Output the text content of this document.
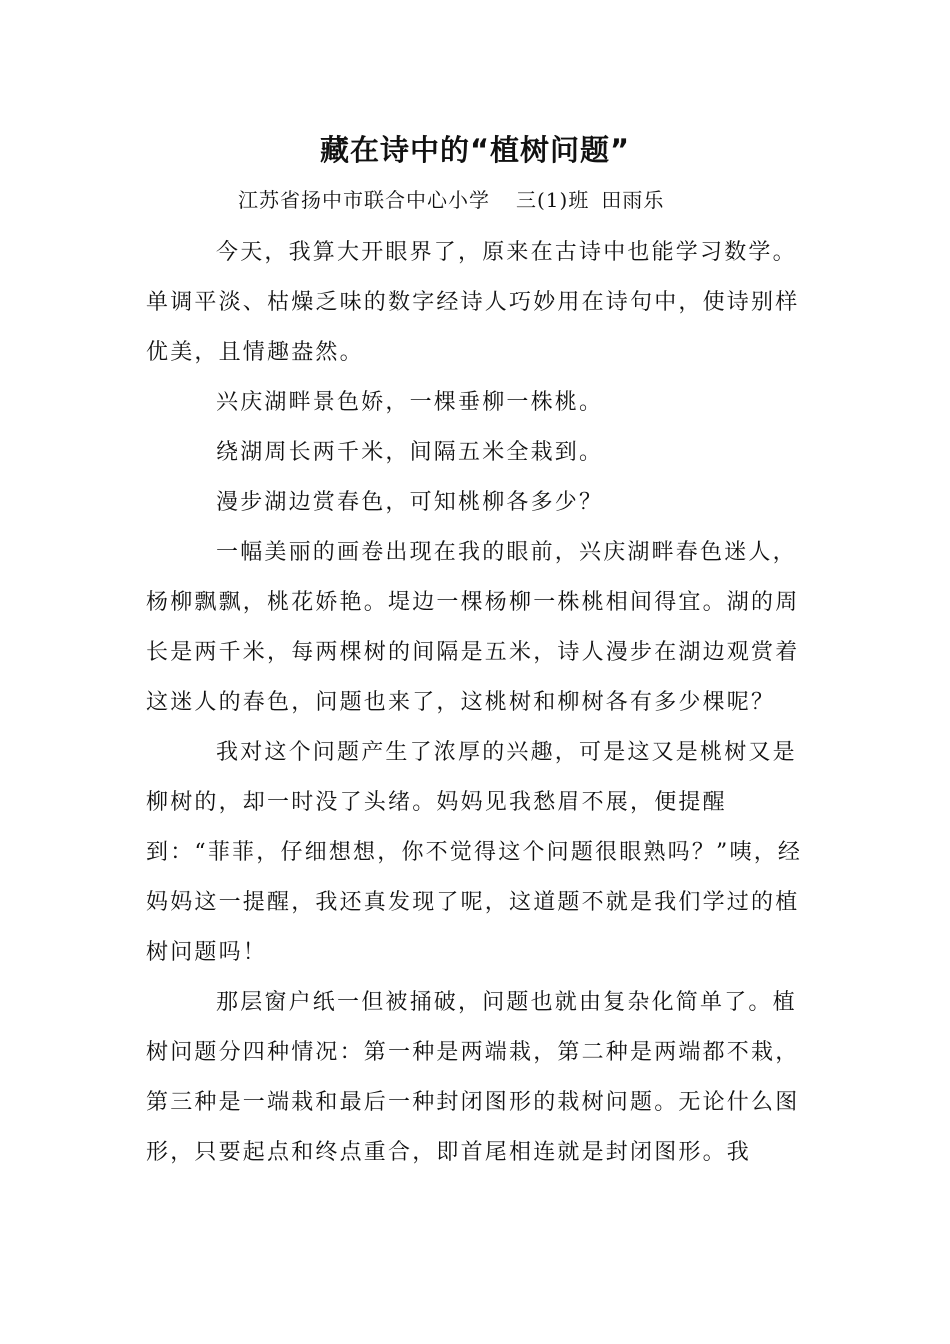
藏在诗中的“植树问题”
江苏省扬中市联合中心小学 三(1)班 田雨乐

今天，我算大开眼界了，原来在古诗中也能学习数学。单调平淡、枯燥乏味的数字经诗人巧妙用在诗句中，使诗别样优美，且情趣盎然。

兴庆湖畔景色娇，一棵垂柳一株桃。

绕湖周长两千米，间隔五米全栽到。

漫步湖边赏春色，可知桃柳各多少？

一幅美丽的画卷出现在我的眼前，兴庆湖畔春色迷人，杨柳飘飘，桃花娇艳。堤边一棵杨柳一株桃相间得宜。湖的周长是两千米，每两棵树的间隔是五米，诗人漫步在湖边观赏着这迷人的春色，问题也来了，这桃树和柳树各有多少棵呢？

我对这个问题产生了浓厚的兴趣，可是这又是桃树又是柳树的，却一时没了头绪。妈妈见我愁眉不展，便提醒到：“菲菲，仔细想想，你不觉得这个问题很眼熟吗？”咦，经妈妈这一提醒，我还真发现了呢，这道题不就是我们学过的植树问题吗！

那层窗户纸一但被捅破，问题也就由复杂化简单了。植树问题分四种情况：第一种是两端栽，第二种是两端都不栽，第三种是一端栽和最后一种封闭图形的栽树问题。无论什么图形，只要起点和终点重合，即首尾相连就是封闭图形。我
